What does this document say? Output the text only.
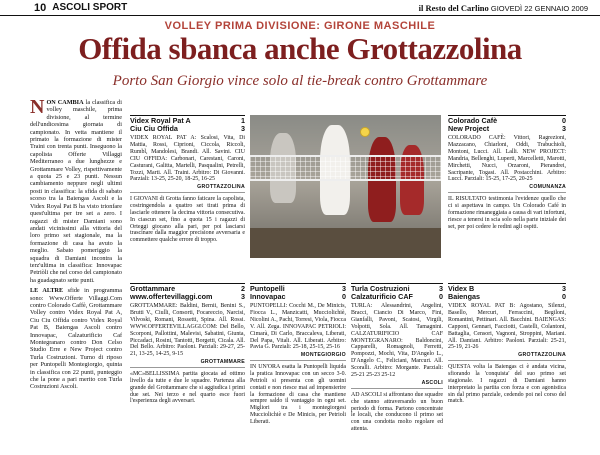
10 ASCOLI SPORT	il Resto del Carlino GIOVEDÌ 22 GENNAIO 2009
VOLLEY PRIMA DIVISIONE: GIRONE MASCHILE
Offida sbanca anche Grottazzolina
Porto San Giorgio vince solo al tie-break contro Grottammare

NON CAMBIA la classifica di volley maschile, prima divisione, al termine dell'undicesima giornata di campionato. In vetta mantiene il primato la formazione di mister Traini con trenta punti. Inseguono la capolista Offerte Villaggi Mediterraneo a due lunghezze e Grottammare Volley, rispettivamente a quota 25 e 23 punti. Nessun cambiamento neppure negli ultimi posti in classifica: la sfida di sabato scorso tra la Baiengas Ascoli e la Videx Royal Pat B ha visto trionfare quest'ultima per tre set a zero. I ragazzi di mister Damiani sono andati vicinissimi alla vittoria del loro primo set stagionale, ma la formazione di casa ha avuto la meglio. Sabato pomeriggio la squadra di Damiani incontra la terz'ultima in classifica: Innovapac Petriòli che nel corso del campionato ha guadagnato sette punti.

LE ALTRE sfide in programma sono: Www.Offerte Villaggi.Com contro Colorado Caffè, Grottammare Volley contro Videx Royal Pat A, Ciu Ciu Offida contro Videx Royal Pat B, Baiengas Ascoli contro Innovapac, Calzaturificio Caf Montegranaro contro Don Celso Studio Erre e New Project contro Turla Costruzioni. Turno di riposo per Puntopelli Montegiorgio, quinta in classifica con 22 punti, punteggio che la pone a pari merito con Turla Costruzioni Ascoli.

Videx Royal Pat A	1
Ciu Ciu Offida	3
VIDEX ROYAL PAT A: Scalosi, Vita, Di Mattia, Rossi, Ciprioni, Ciccola, Riccoli, Rumbl, Mandolesi, Brandi. All. Savini. CIU CIU OFFIDA: Carbonari, Carestani, Caroni, Casturani, Galitta, Martelli, Pasqualini, Petrelli, Tozzi, Marti. All. Traini. Arbitro: Di Giovanni. Parziali: 13-25, 25-20, 18-25, 16-25
GROTTAZZOLINA
I GIOVANI di Grotta fanno faticare la capolista, costringendola a quattro set tirati prima di lasciarle ottenere la decima vittoria consecutiva. In ciascun set, fino a quota 15 i ragazzi di Orteggi giocano alla pari, per poi lasciarsi trascinare dalla maggior precisione avversaria e commettere qualche errore di troppo.
Colorado Cafè	0
New Project	3
COLORADO CAFÈ: Vittori, Ragrezioni, Mazzacano, Chiarloni, Oddi, Trabuchioli, Montoni, Lucci. All. Lalli. NEW PROJECT: Mandria, Bellenghi, Luperti, Marcelletti, Marotti, Mirchetti, Nucci, Orzaroni, Pierandrei, Sacripante, Togasi. All. Postacchini. Arbitro: Lucci. Parziali: 15-25, 17-25, 20-25
COMUNANZA
IL RISULTATO testimonia l'evidenze quello che ci si aspettava in campo. Un Colorado Café in formazione rimaneggiata a causa di vari infortuni, riesce a tenersi in scia solo nella parte iniziale dei set, per poi cedere le redini agli ospiti.
Grottammare	2
www.offertevillaggi.com	3
GROTTAMMARE: Baldini, Bernii, Benini S., Brutti V., Ciulli, Consorti, Focareccio, Narcisi, Vilvoski, Romani, Rossetti, Spina. All. Rossi. WWW.OFFERTEVILLAGGI.COM: Del Bello, Scorponi, Pallottini, Malevisi, Sabatini, Giunta, Piccadaci, Rosini, Tantotti, Borgetti, Cicala. All. Del Bello. Arbitro: Paoloni. Parziali: 29-27, 25-21, 13-25, 14-25, 9-15
GROTTAMMARE
«MC»BELLISSIMA partita giocata ad ottimo livello da tutte e due le squadre. Partenza alla grande del Grottammare che si aggiudica i primi due set. Nei terzo e nel quarto esce fuori l'esperienza degli avversari.
Puntopelli	3
Innovapac	0
PUNTOPELLI: Cocchi M., De Minicis, Fiocca L., Manzicatti, Mucciolichiè, Nicolini A., Pachi, Torresi, Viola, Fiocca V. All. Zega. INNOVAPAC PETRIOLI: Cimarà, Di Carlo, Braccaleva, Liberati, Del Papa, Vitali. All. Liberati. Arbitro: Pavia G. Parziali: 25-18, 25-15, 25-16
MONTEGIORGIO
IN UN'ORA esatta la Puntopelli liquida la pratica Innovapac con un secco 3-0. Petrioli si presenta con gli uomini contati e non riesce mai ad impensierire la formazione di casa che mantiene sempre saldo il vantaggio in ogni set. Migliori tra i montegiorgesi Mucciolichiè e De Minicis, per Petrioli Liberati.
Turla Costruzioni	3
Calzaturificio CAF	0
TURLA: Alessandrini, Angelini, Bracci, Ciancio Di Marco, Fini, Gianfalli, Pavoni, Scatosi, Virgili, Volpotti, Sola. All. Tamagnini. CALZATURIFICIO CAF MONTEGRANARO: Baldoncini, Capparelli, Romagnoli, Ferretti, Pompozzi, Mochi, Vita, D'Angelo L., D'Angelo C., Feliciani, Marcuri. All. Scoralli. Arbitro: Morgante. Parziali: 25-21 25-23 25-12
ASCOLI
AD ASCOLI si affrontano due squadre che stanno attraversando un buon periodo di forma. Partono concentrate le locali, che conducono il primo set con una condotta molto regolare ed attenta.
Videx B	3
Baiengas	0
VIDEX ROYAL PAT B: Agostano, Silenzi, Basello, Mercuri, Ferraccini, Begiloni, Romantini, Pettinari. All. Bacchini. BAIENGAS: Capponi, Gennari, Facciotti, Castelli, Colantoni, Battaglia, Censori, Vagnoni, Stroppini, Mariani. All. Damiani. Arbitro: Paoloni. Parziali: 25-21, 25-19, 21-26
GROTTAZZOLINA
QUESTA volta la Baiengas ci è andata vicina, sfiorando la 'conquista' del suo primo set stagionale. I ragazzi di Damiani hanno interpretato la partita con forza e con agonistica sin dal primo parziale, cedendo poi nel corso del match.
